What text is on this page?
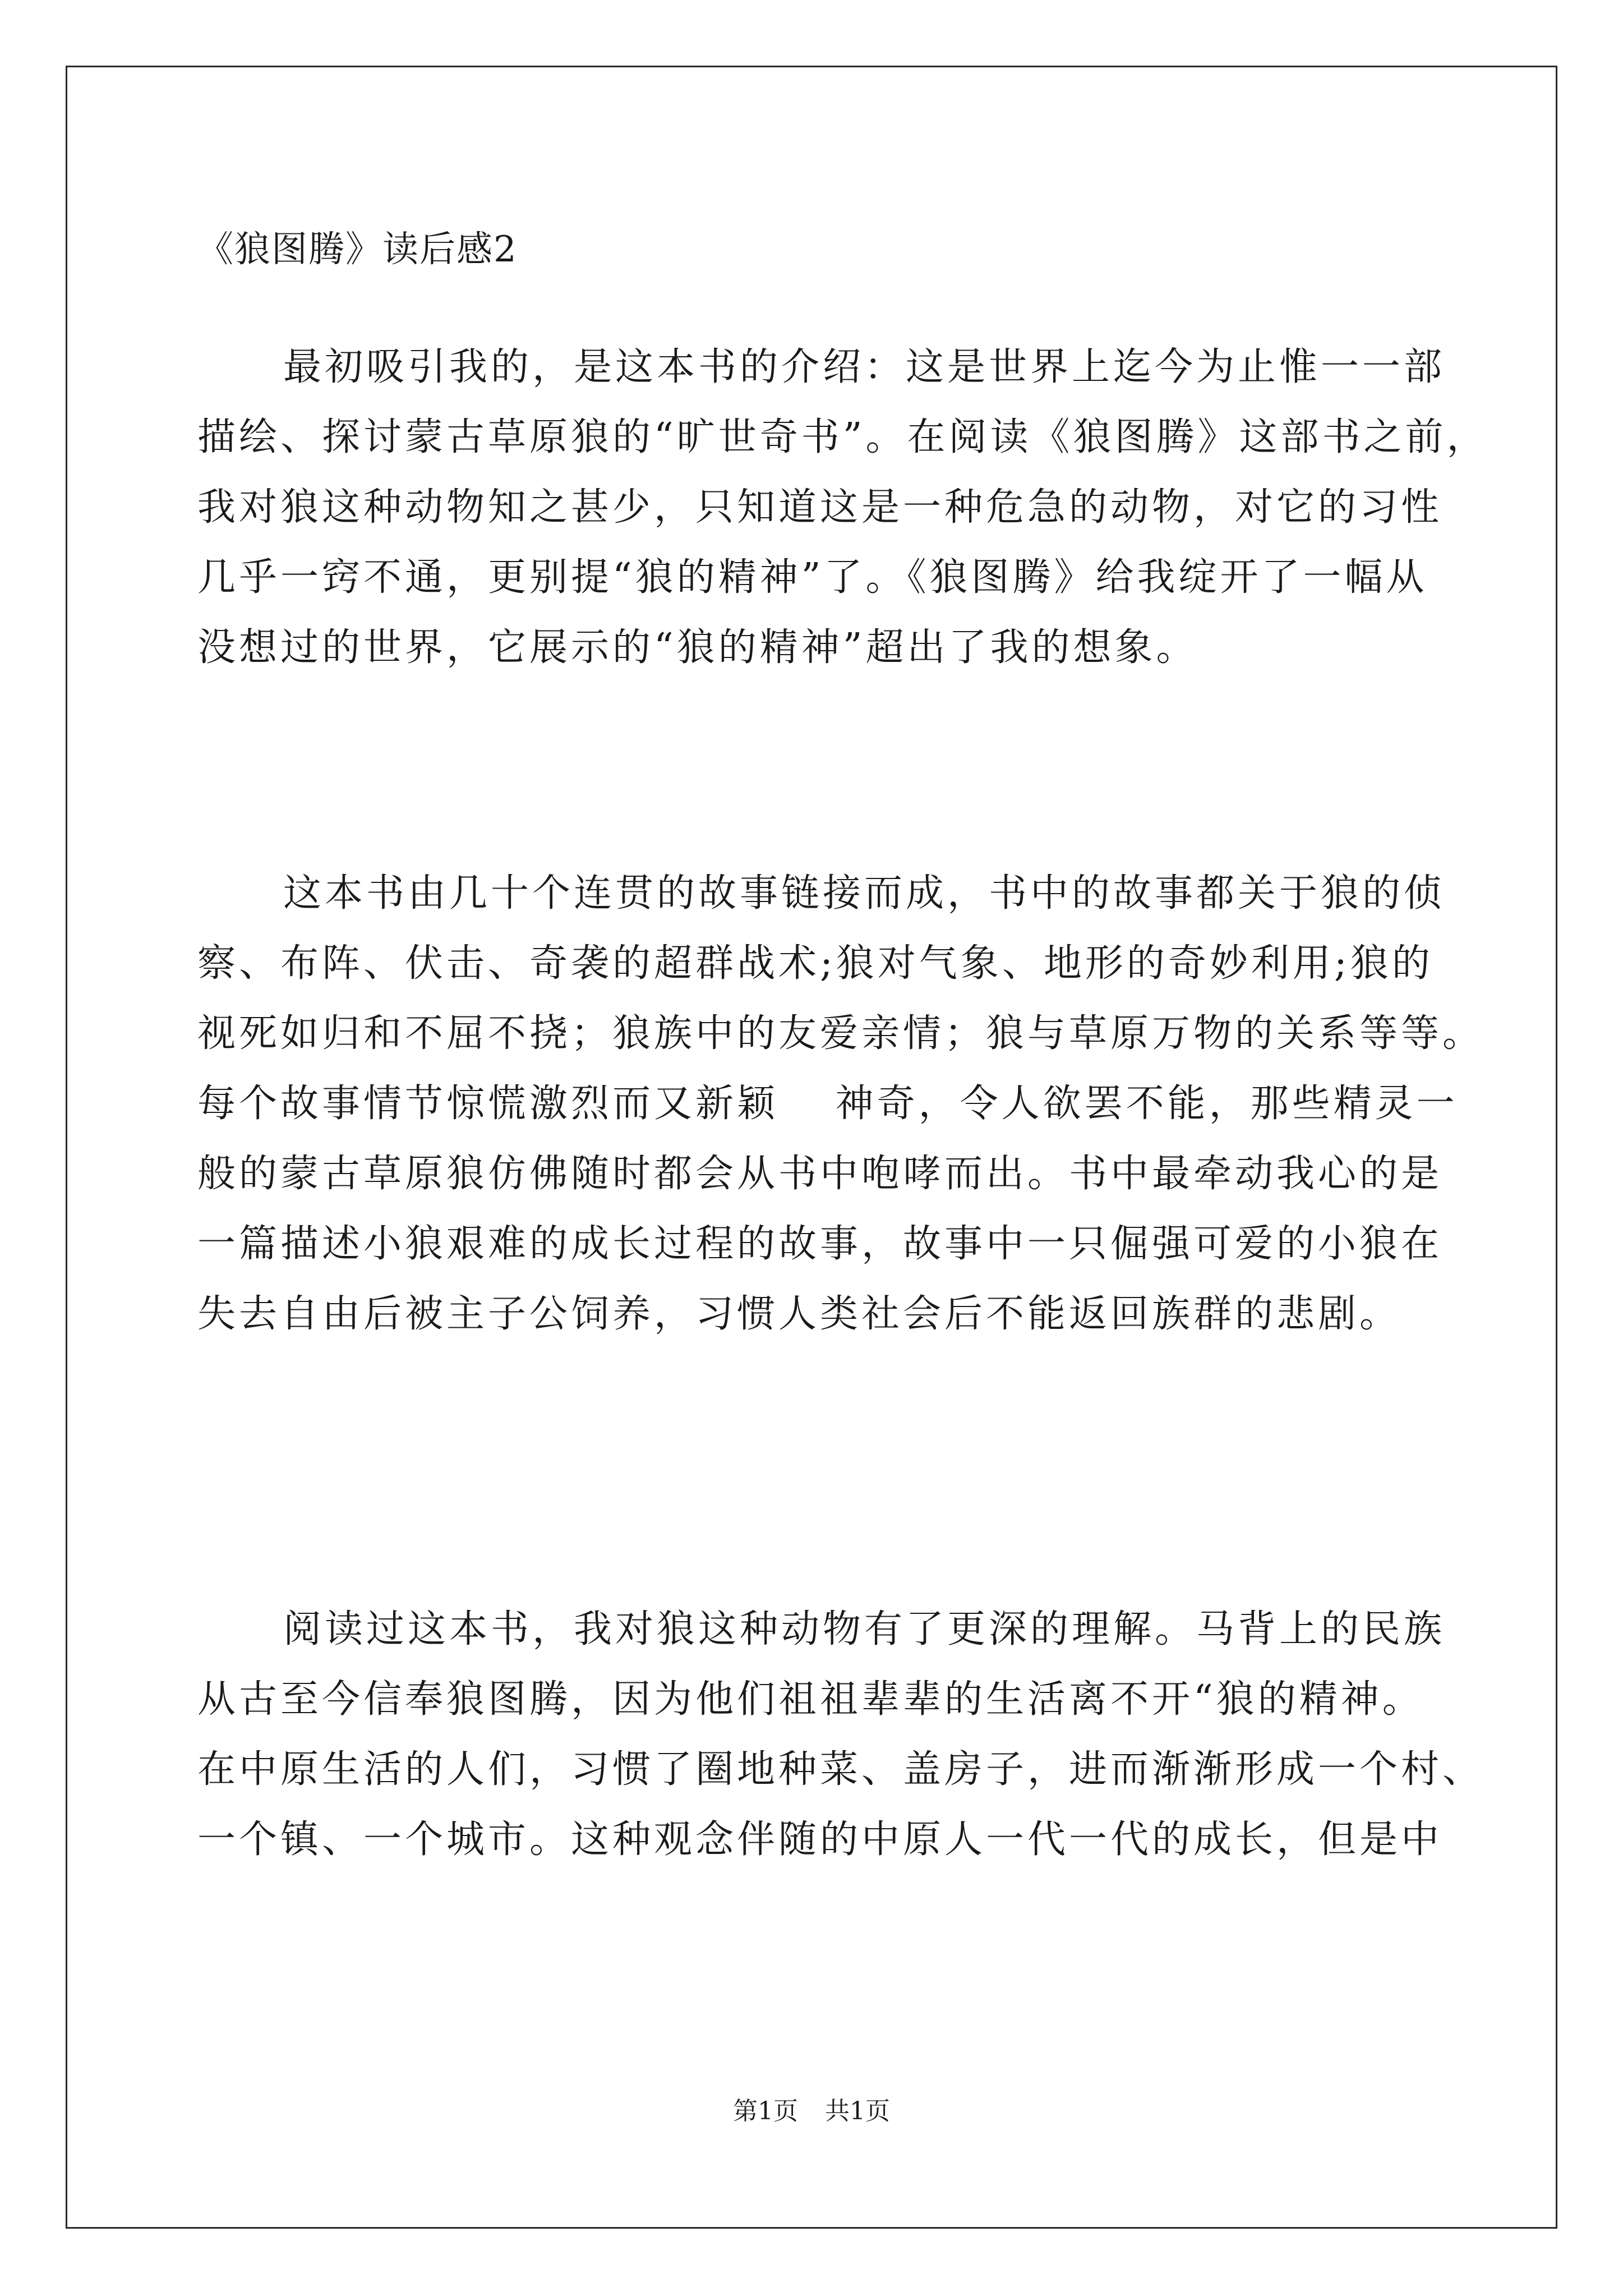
《狼图腾》读后感2
最初吸引我的，是这本书的介绍：这是世界上迄今为止惟一一部
描绘、探讨蒙古草原狼的“旷世奇书”。在阅读《狼图腾》这部书之前，
我对狼这种动物知之甚少，只知道这是一种危急的动物，对它的习性
几乎一窍不通，更别提“狼的精神”了。《狼图腾》给我绽开了一幅从
没想过的世界，它展示的“狼的精神”超出了我的想象。
这本书由几十个连贯的故事链接而成，书中的故事都关于狼的侦
察、布阵、伏击、奇袭的超群战术;狼对气象、地形的奇妙利用;狼的
视死如归和不屈不挠；狼族中的友爱亲情；狼与草原万物的关系等等。
每个故事情节惊慌激烈而又新颖　 神奇，令人欲罢不能，那些精灵一
般的蒙古草原狼仿佛随时都会从书中咆哮而出。书中最牵动我心的是
一篇描述小狼艰难的成长过程的故事，故事中一只倔强可爱的小狼在
失去自由后被主子公饲养，习惯人类社会后不能返回族群的悲剧。
阅读过这本书，我对狼这种动物有了更深的理解。马背上的民族
从古至今信奉狼图腾，因为他们祖祖辈辈的生活离不开“狼的精神。
在中原生活的人们，习惯了圈地种菜、盖房子，进而渐渐形成一个村、
一个镇、一个城市。这种观念伴随的中原人一代一代的成长，但是中
第1页 共1页
